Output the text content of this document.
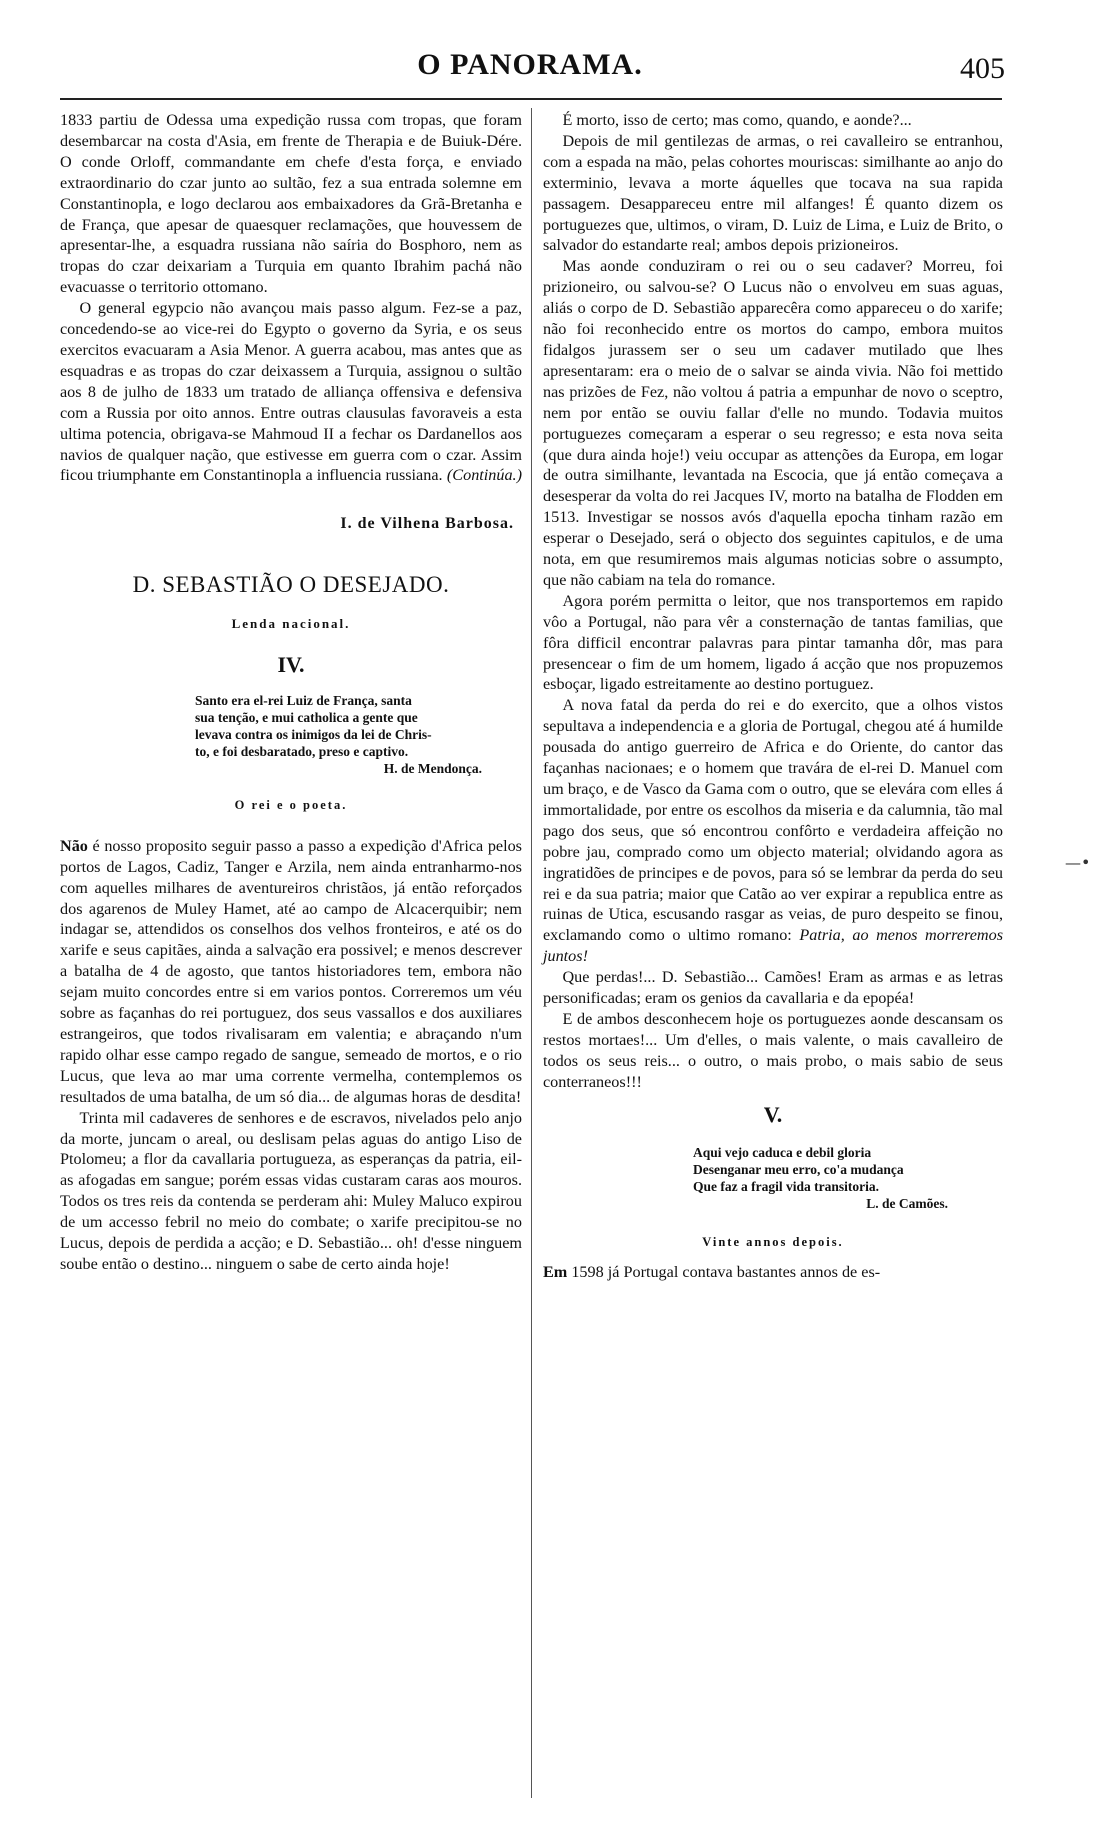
O PANORAMA.	405

1833 partiu de Odessa uma expedição russa com tropas, que foram desembarcar na costa d'Asia, em frente de Therapia e de Buiuk-Dére. O conde Orloff, commandante em chefe d'esta força, e enviado extraordinario do czar junto ao sultão, fez a sua entrada solemne em Constantinopla, e logo declarou aos embaixadores da Grã-Bretanha e de França, que apesar de quaesquer reclamações, que houvessem de apresentar-lhe, a esquadra russiana não saíria do Bosphoro, nem as tropas do czar deixariam a Turquia em quanto Ibrahim pachá não evacuasse o territorio ottomano.

O general egypcio não avançou mais passo algum. Fez-se a paz, concedendo-se ao vice-rei do Egypto o governo da Syria, e os seus exercitos evacuaram a Asia Menor. A guerra acabou, mas antes que as esquadras e as tropas do czar deixassem a Turquia, assignou o sultão aos 8 de julho de 1833 um tratado de alliança offensiva e defensiva com a Russia por oito annos. Entre outras clausulas favoraveis a esta ultima potencia, obrigava-se Mahmoud II a fechar os Dardanellos aos navios de qualquer nação, que estivesse em guerra com o czar. Assim ficou triumphante em Constantinopla a influencia russiana. (Continúa.)

I. de Vilhena Barbosa.
D. SEBASTIÃO O DESEJADO.
Lenda nacional.
IV.
Santo era el-rei Luiz de França, santa
sua tenção, e mui catholica a gente que
levava contra os inimigos da lei de Chris-
to, e foi desbaratado, preso e captivo.
H. de Mendonça.
O rei e o poeta.

Não é nosso proposito seguir passo a passo a expedição d'Africa pelos portos de Lagos, Cadiz, Tanger e Arzila, nem ainda entranharmo-nos com aquelles milhares de aventureiros christãos, já então reforçados dos agarenos de Muley Hamet, até ao campo de Alcacerquibir; nem indagar se, attendidos os conselhos dos velhos fronteiros, e até os do xarife e seus capitães, ainda a salvação era possivel; e menos descrever a batalha de 4 de agosto, que tantos historiadores tem, embora não sejam muito concordes entre si em varios pontos. Correremos um véu sobre as façanhas do rei portuguez, dos seus vassallos e dos auxiliares estrangeiros, que todos rivalisaram em valentia; e abraçando n'um rapido olhar esse campo regado de sangue, semeado de mortos, e o rio Lucus, que leva ao mar uma corrente vermelha, contemplemos os resultados de uma batalha, de um só dia... de algumas horas de desdita!

Trinta mil cadaveres de senhores e de escravos, nivelados pelo anjo da morte, juncam o areal, ou deslisam pelas aguas do antigo Liso de Ptolomeu; a flor da cavallaria portugueza, as esperanças da patria, eil-as afogadas em sangue; porém essas vidas custaram caras aos mouros. Todos os tres reis da contenda se perderam ahi: Muley Maluco expirou de um accesso febril no meio do combate; o xarife precipitou-se no Lucus, depois de perdida a acção; e D. Sebastião... oh! d'esse ninguem soube então o destino... ninguem o sabe de certo ainda hoje!

É morto, isso de certo; mas como, quando, e aonde?...

Depois de mil gentilezas de armas, o rei cavalleiro se entranhou, com a espada na mão, pelas cohortes mouriscas: similhante ao anjo do exterminio, levava a morte áquelles que tocava na sua rapida passagem. Desappareceu entre mil alfanges! É quanto dizem os portuguezes que, ultimos, o viram, D. Luiz de Lima, e Luiz de Brito, o salvador do estandarte real; ambos depois prizioneiros.

Mas aonde conduziram o rei ou o seu cadaver? Morreu, foi prizioneiro, ou salvou-se? O Lucus não o envolveu em suas aguas, aliás o corpo de D. Sebastião apparecêra como appareceu o do xarife; não foi reconhecido entre os mortos do campo, embora muitos fidalgos jurassem ser o seu um cadaver mutilado que lhes apresentaram: era o meio de o salvar se ainda vivia. Não foi mettido nas prizões de Fez, não voltou á patria a empunhar de novo o sceptro, nem por então se ouviu fallar d'elle no mundo. Todavia muitos portuguezes começaram a esperar o seu regresso; e esta nova seita (que dura ainda hoje!) veiu occupar as attenções da Europa, em logar de outra similhante, levantada na Escocia, que já então começava a desesperar da volta do rei Jacques IV, morto na batalha de Flodden em 1513. Investigar se nossos avós d'aquella epocha tinham razão em esperar o Desejado, será o objecto dos seguintes capitulos, e de uma nota, em que resumiremos mais algumas noticias sobre o assumpto, que não cabiam na tela do romance.

Agora porém permitta o leitor, que nos transportemos em rapido vôo a Portugal, não para vêr a consternação de tantas familias, que fôra difficil encontrar palavras para pintar tamanha dôr, mas para presencear o fim de um homem, ligado á acção que nos propuzemos esboçar, ligado estreitamente ao destino portuguez.

A nova fatal da perda do rei e do exercito, que a olhos vistos sepultava a independencia e a gloria de Portugal, chegou até á humilde pousada do antigo guerreiro de Africa e do Oriente, do cantor das façanhas nacionaes; e o homem que travára de el-rei D. Manuel com um braço, e de Vasco da Gama com o outro, que se elevára com elles á immortalidade, por entre os escolhos da miseria e da calumnia, tão mal pago dos seus, que só encontrou confôrto e verdadeira affeição no pobre jau, comprado como um objecto material; olvidando agora as ingratidões de principes e de povos, para só se lembrar da perda do seu rei e da sua patria; maior que Catão ao ver expirar a republica entre as ruinas de Utica, escusando rasgar as veias, de puro despeito se finou, exclamando como o ultimo romano: Patria, ao menos morreremos juntos!

Que perdas!... D. Sebastião... Camões! Eram as armas e as letras personificadas; eram os genios da cavallaria e da epopéa!

E de ambos desconhecem hoje os portuguezes aonde descansam os restos mortaes!... Um d'elles, o mais valente, o mais cavalleiro de todos os seus reis... o outro, o mais probo, o mais sabio de seus conterraneos!!!

V.
Aqui vejo caduca e debil gloria
Desenganar meu erro, co'a mudança
Que faz a fragil vida transitoria.
L. de Camões.
Vinte annos depois.

Em 1598 já Portugal contava bastantes annos de es-

—•
